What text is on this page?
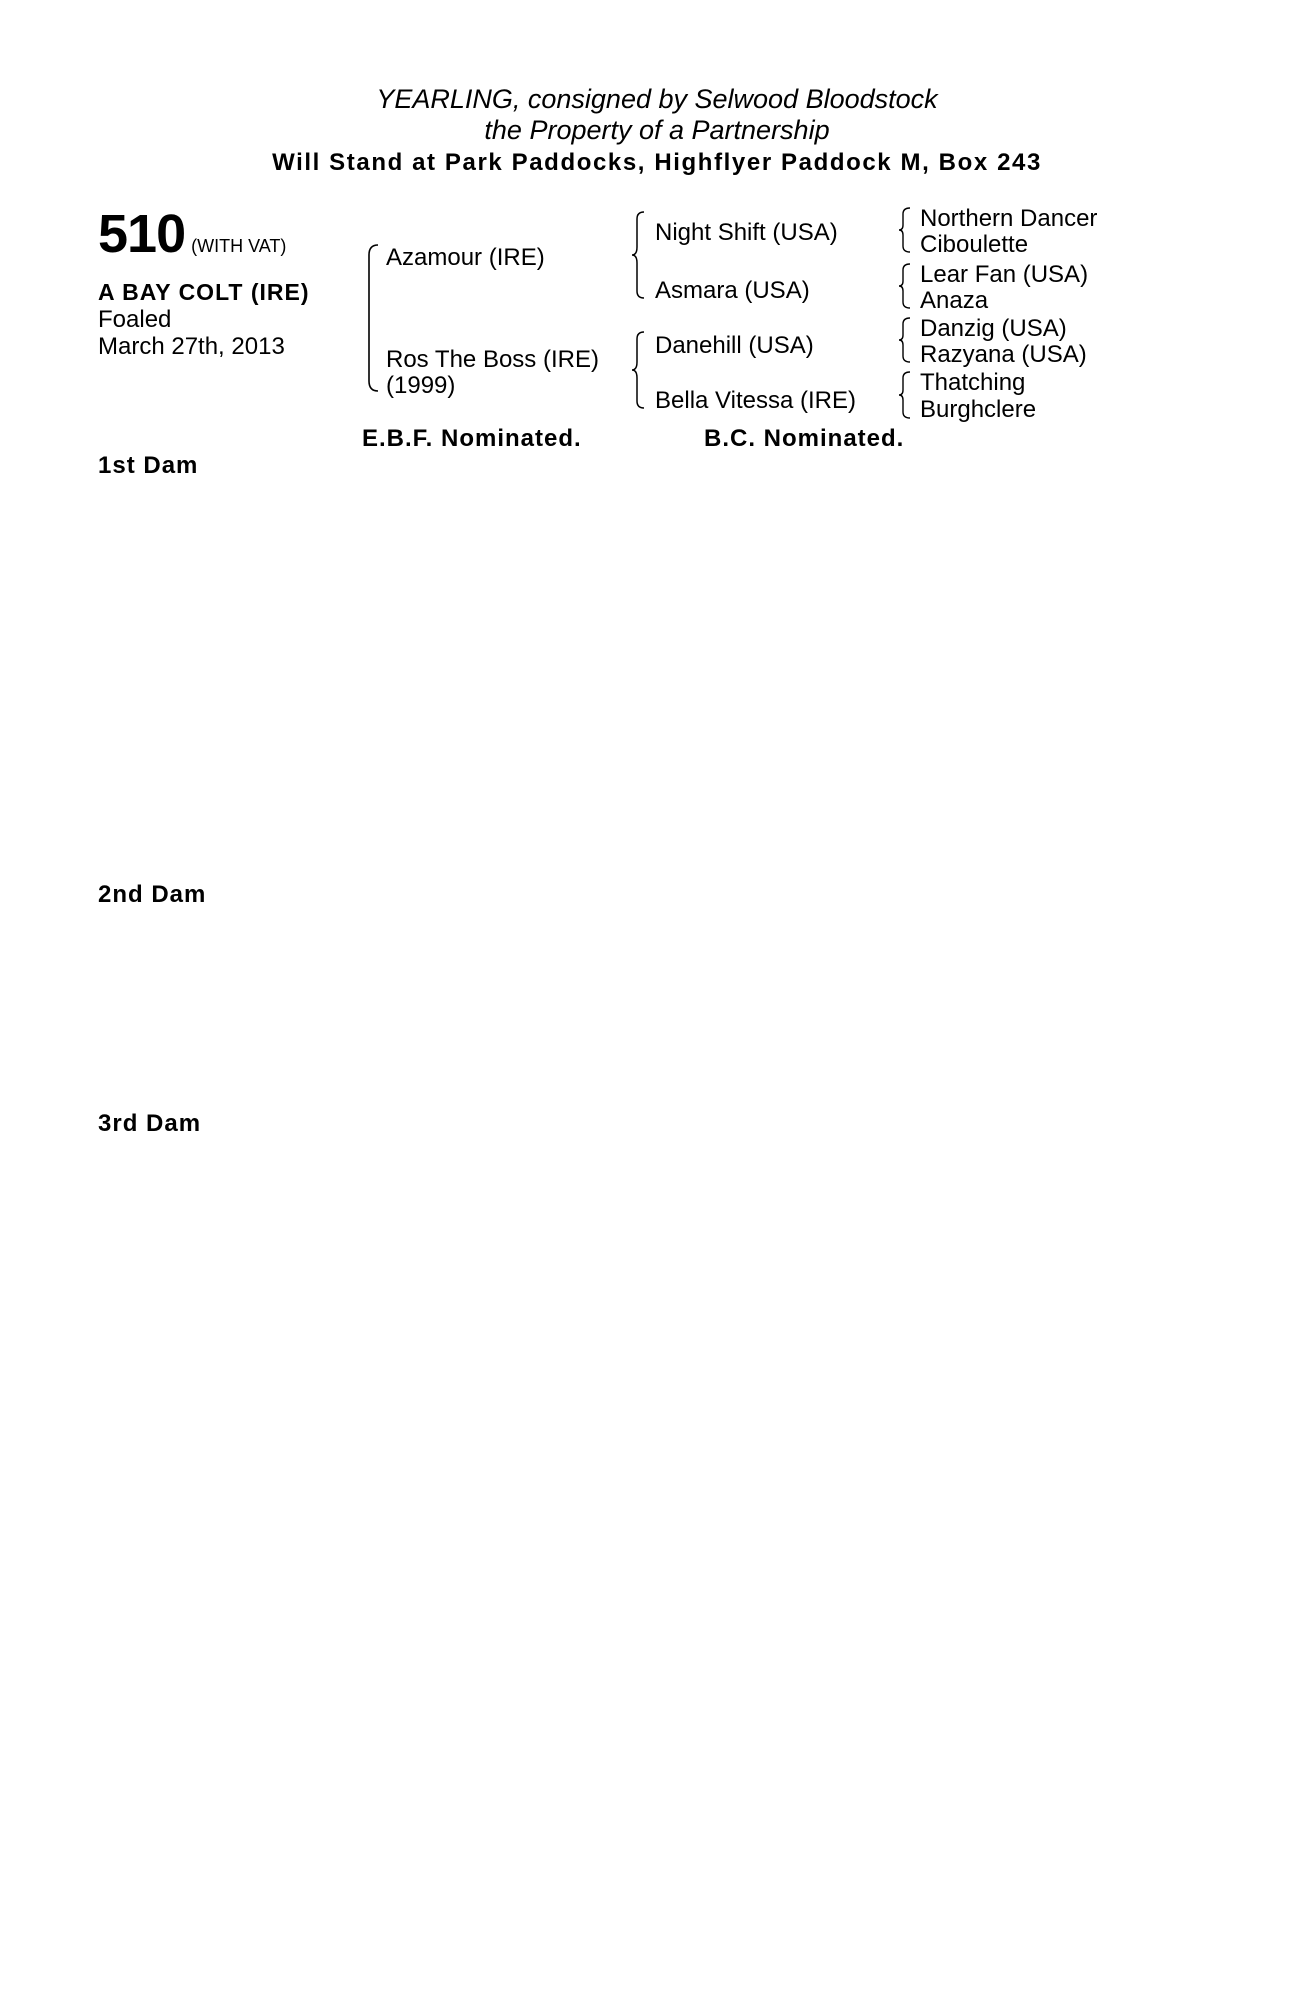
YEARLING, consigned by Selwood Bloodstock
the Property of a Partnership
Will Stand at Park Paddocks, Highflyer Paddock M, Box 243
510 (WITH VAT)
A BAY COLT (IRE)
Foaled
March 27th, 2013
Azamour (IRE)
Ros The Boss (IRE)
(1999)
Night Shift (USA)
Asmara (USA)
Danehill (USA)
Bella Vitessa (IRE)
Northern Dancer
Ciboulette
Lear Fan (USA)
Anaza
Danzig (USA)
Razyana (USA)
Thatching
Burghclere
E.B.F. Nominated.	B.C. Nominated.
1st Dam
2nd Dam
3rd Dam
